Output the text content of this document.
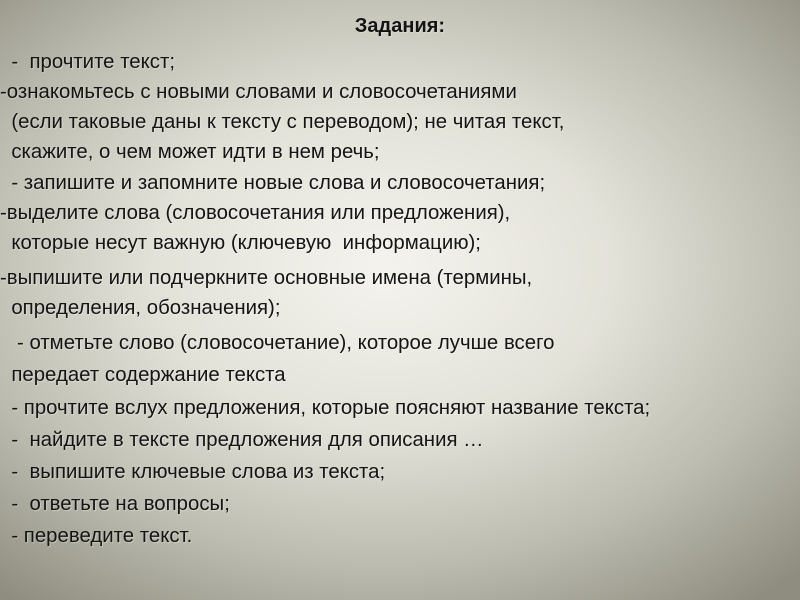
Задания:
-  прочтите текст;
-ознакомьтесь с новыми словами и словосочетаниями
(если таковые даны к тексту с переводом); не читая текст,
скажите, о чем может идти в нем речь;
- запишите и запомните новые слова и словосочетания;
-выделите слова (словосочетания или предложения),
которые несут важную (ключевую  информацию);
-выпишите или подчеркните основные имена (термины,
определения, обозначения);
- отметьте слово (словосочетание), которое лучше всего
передает содержание текста
- прочтите вслух предложения, которые поясняют название текста;
-  найдите в тексте предложения для описания …
-  выпишите ключевые слова из текста;
-  ответьте на вопросы;
- переведите текст.
